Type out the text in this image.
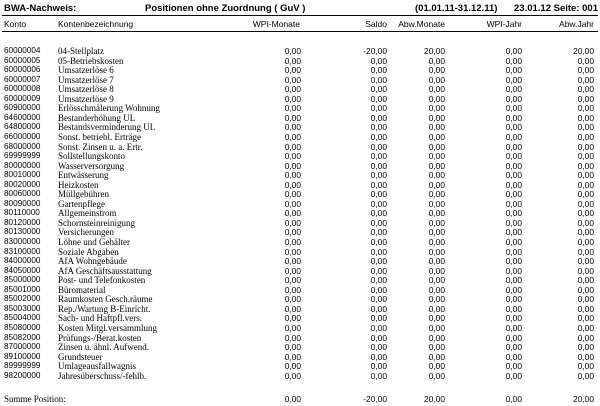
BWA-Nachweis:	Positionen ohne Zuordnung ( GuV )	(01.01.11-31.12.11) 23.01.12 Seite: 001
Konto	Kontenbezeichnung	WPI-Monate	Saldo Abw.Monate	WPI-Jahr	Abw.Jahr
60000004 04-Stellplatz	0,00	-20,00	20,00	0,00	20,00
60000005 05-Betriebskosten	0,00	0,00	0,00	0,00	0,00
60000006 Umsatzerlöse 6	0,00	0,00	0,00	0,00	0,00
60000007 Umsatzerlöse 7	0,00	0,00	0,00	0,00	0,00
60000008 Umsatzerlöse 8	0,00	0,00	0,00	0,00	0,00
60000009 Umsatzerlöse 9	0,00	0,00	0,00	0,00	0,00
60900000 Erlösschmälerung Wohnung	0,00	0,00	0,00	0,00	0,00
64600000 Bestanderhöhung UL	0,00	0,00	0,00	0,00	0,00
64800000 Bestandsverminderung UL	0,00	0,00	0,00	0,00	0,00
66000000 Sonst. betriebl. Erträge	0,00	0,00	0,00	0,00	0,00
68000000 Sonst. Zinsen u. a. Ertr.	0,00	0,00	0,00	0,00	0,00
69999999 Sollstellungskonto	0,00	0,00	0,00	0,00	0,00
80000000 Wasserversorgung	0,00	0,00	0,00	0,00	0,00
80010000 Entwässerung	0,00	0,00	0,00	0,00	0,00
80020000 Heizkosten	0,00	0,00	0,00	0,00	0,00
80060000 Müllgebühren	0,00	0,00	0,00	0,00	0,00
80090000 Gartenpflege	0,00	0,00	0,00	0,00	0,00
80110000 Allgemeinstrom	0,00	0,00	0,00	0,00	0,00
80120000 Schornsteinreinigung	0,00	0,00	0,00	0,00	0,00
80130000 Versicherungen	0,00	0,00	0,00	0,00	0,00
83000000 Löhne und Gehälter	0,00	0,00	0,00	0,00	0,00
83100000 Soziale Abgaben	0,00	0,00	0,00	0,00	0,00
84000000 AfA Wohngebäude	0,00	0,00	0,00	0,00	0,00
84050000 AfA Geschäftsausstattung	0,00	0,00	0,00	0,00	0,00
85000000 Post- und Telefonkosten	0,00	0,00	0,00	0,00	0,00
85001000 Büromaterial	0,00	0,00	0,00	0,00	0,00
85002000 Raumkosten Gesch.räume	0,00	0,00	0,00	0,00	0,00
85003000 Rep./Wartung B-Einricht.	0,00	0,00	0,00	0,00	0,00
85004000 Sach- und Haftpfl.vers.	0,00	0,00	0,00	0,00	0,00
85080000 Kosten Mitgl.versammlung	0,00	0,00	0,00	0,00	0,00
85082000 Prüfungs-/Berat.kosten	0,00	0,00	0,00	0,00	0,00
87000000 Zinsen u. ähnl. Aufwend.	0,00	0,00	0,00	0,00	0,00
89100000 Grundsteuer	0,00	0,00	0,00	0,00	0,00
89999999 Umlageausfallwagnis	0,00	0,00	0,00	0,00	0,00
98200000 Jahresüberschuss/-fehlb.	0,00	0,00	0,00	0,00	0,00
Summe Position:	0,00	-20,00	20,00	0,00	20,00
